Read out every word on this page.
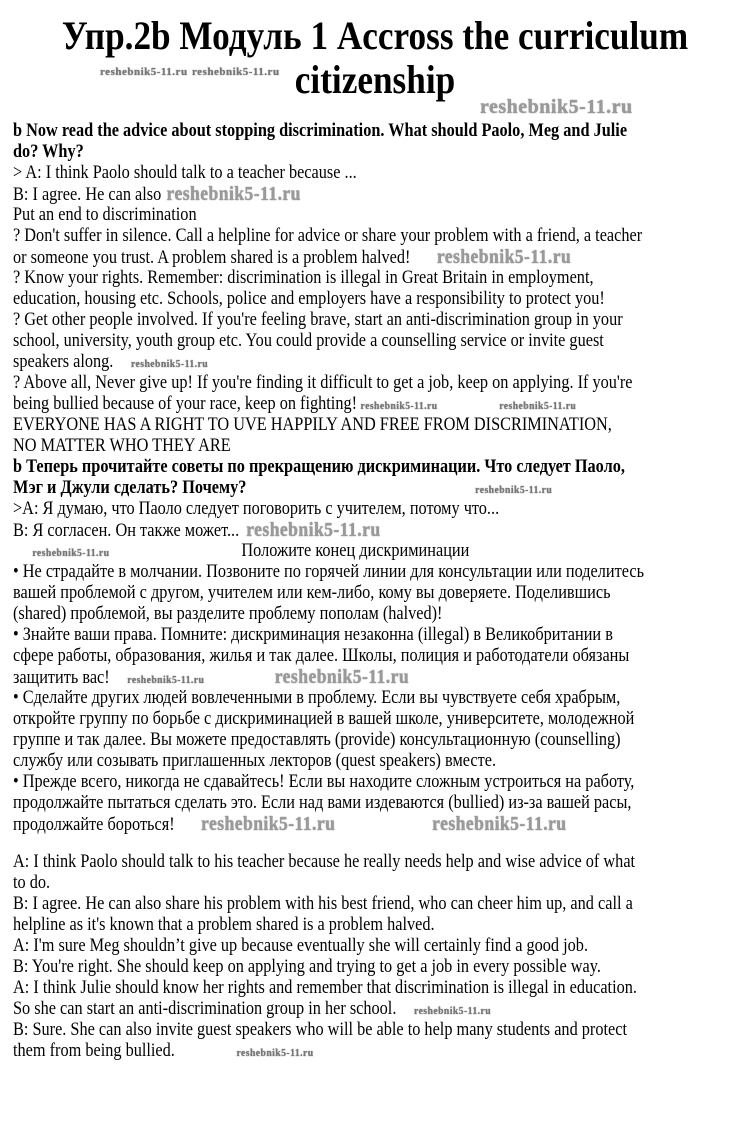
Упр.2b Модуль 1 Accross the curriculum
citizenship
reshebnik5-11.ru reshebnik5-11.ru
reshebnik5-11.ru
b Now read the advice about stopping discrimination. What should Paolo, Meg and Julie
do? Why?
> A: I think Paolo should talk to a teacher because ...
B: I agree. He can also reshebnik5-11.ru
Put an end to discrimination
? Don't suffer in silence. Call a helpline for advice or share your problem with a friend, a teacher
or someone you trust. A problem shared is a problem halved! reshebnik5-11.ru
? Know your rights. Remember: discrimination is illegal in Great Britain in employment,
education, housing etc. Schools, police and employers have a responsibility to protect you!
? Get other people involved. If you're feeling brave, start an anti-discrimination group in your
school, university, youth group etc. You could provide a counselling service or invite guest
speakers along. reshebnik5-11.ru
? Above all, Never give up! If you're finding it difficult to get a job, keep on applying. If you're
being bullied because of your race, keep on fighting! reshebnik5-11.ru	reshebnik5-11.ru
EVERYONE HAS A RIGHT TO UVE HAPPILY AND FREE FROM DISCRIMINATION,
NO MATTER WHO THEY ARE
b Теперь прочитайте советы по прекращению дискриминации. Что следует Паоло,
Мэг и Джули сделать? Почему?	reshebnik5-11.ru
>A: Я думаю, что Паоло следует поговорить с учителем, потому что...
B: Я согласен. Он также может... reshebnik5-11.ru
reshebnik5-11.ru	Положите конец дискриминации
• Не страдайте в молчании. Позвоните по горячей линии для консультации или поделитесь
вашей проблемой с другом, учителем или кем-либо, кому вы доверяете. Поделившись
(shared) проблемой, вы разделите проблему пополам (halved)!
• Знайте ваши права. Помните: дискриминация незаконна (illegal) в Великобритании в
сфере работы, образования, жилья и так далее. Школы, полиция и работодатели обязаны
защитить вас! reshebnik5-11.ru	reshebnik5-11.ru
• Сделайте других людей вовлеченными в проблему. Если вы чувствуете себя храбрым,
откройте группу по борьбе с дискриминацией в вашей школе, университете, молодежной
группе и так далее. Вы можете предоставлять (provide) консультационную (counselling)
службу или созывать приглашенных лекторов (quest speakers) вместе.
• Прежде всего, никогда не сдавайтесь! Если вы находите сложным устроиться на работу,
продолжайте пытаться сделать это. Если над вами издеваются (bullied) из-за вашей расы,
продолжайте бороться! reshebnik5-11.ru	reshebnik5-11.ru
A: I think Paolo should talk to his teacher because he really needs help and wise advice of what
to do.
B: I agree. He can also share his problem with his best friend, who can cheer him up, and call a
helpline as it's known that a problem shared is a problem halved.
A: I'm sure Meg shouldn’t give up because eventually she will certainly find a good job.
B: You're right. She should keep on applying and trying to get a job in every possible way.
A: I think Julie should know her rights and remember that discrimination is illegal in education.
So she can start an anti-discrimination group in her school. reshebnik5-11.ru
B: Sure. She can also invite guest speakers who will be able to help many students and protect
them from being bullied.	reshebnik5-11.ru
